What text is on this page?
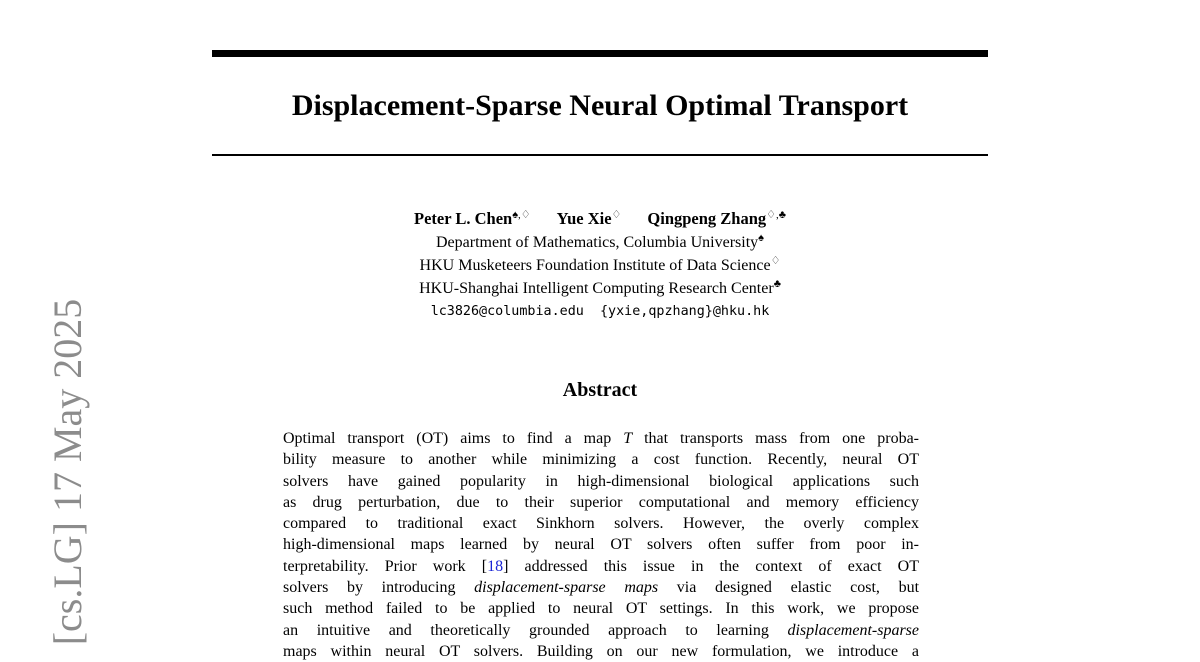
Displacement-Sparse Neural Optimal Transport
Peter L. Chen♠,♢ Yue Xie♢ Qingpeng Zhang♢,♣
Department of Mathematics, Columbia University♠
HKU Musketeers Foundation Institute of Data Science♢
HKU-Shanghai Intelligent Computing Research Center♣
lc3826@columbia.edu  {yxie,qpzhang}@hku.hk
Abstract
Optimal transport (OT) aims to find a map T that transports mass from one proba-
bility measure to another while minimizing a cost function. Recently, neural OT
solvers have gained popularity in high-dimensional biological applications such
as drug perturbation, due to their superior computational and memory efficiency
compared to traditional exact Sinkhorn solvers. However, the overly complex
high-dimensional maps learned by neural OT solvers often suffer from poor in-
terpretability. Prior work [18] addressed this issue in the context of exact OT
solvers by introducing displacement-sparse maps via designed elastic cost, but
such method failed to be applied to neural OT settings. In this work, we propose
an intuitive and theoretically grounded approach to learning displacement-sparse
maps within neural OT solvers. Building on our new formulation, we introduce a
[cs.LG] 17 May 2025
